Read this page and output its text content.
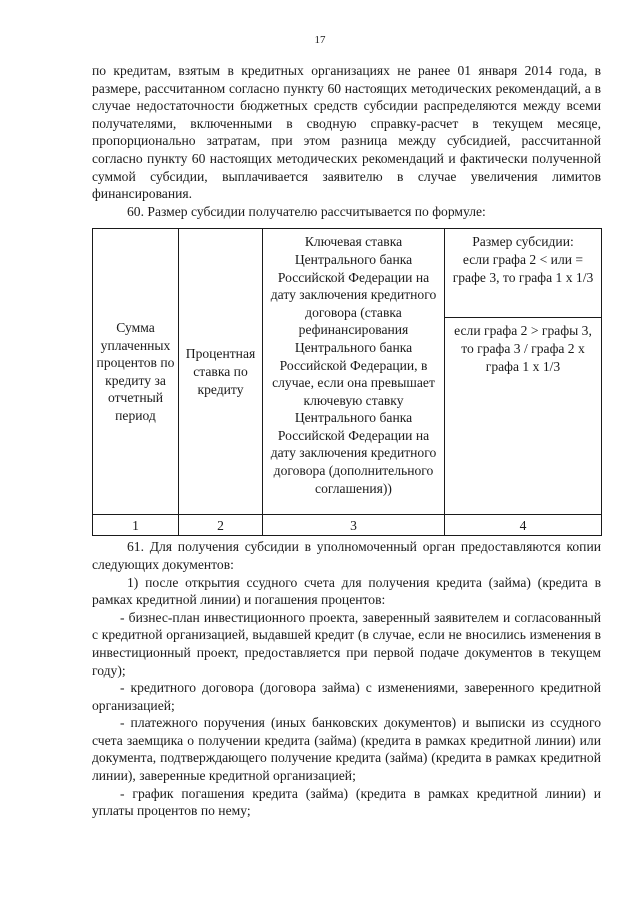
17

по кредитам, взятым в кредитных организациях не ранее 01 января 2014 года, в размере, рассчитанном согласно пункту 60 настоящих методических рекомендаций, а в случае недостаточности бюджетных средств субсидии распределяются между всеми получателями, включенными в сводную справку-расчет в текущем месяце, пропорционально затратам, при этом разница между субсидией, рассчитанной согласно пункту 60 настоящих методических рекомендаций и фактически полученной суммой субсидии, выплачивается заявителю в случае увеличения лимитов финансирования.

60. Размер субсидии получателю рассчитывается по формуле:

Сумма уплаченных процентов по кредиту за отчетный период	Процентная ставка по кредиту	Ключевая ставка Центрального банка Российской Федерации на дату заключения кредитного договора (ставка рефинансирования Центрального банка Российской Федерации, в случае, если она превышает ключевую ставку Центрального банка Российской Федерации на дату заключения кредитного договора (дополнительного соглашения))	Размер субсидии:
если графа 2 < или = графе 3, то графа 1 х 1/3

			если графа 2 > графы 3, то графа 3 / графа 2 х графа 1 х 1/3
1	2	3	4

61. Для получения субсидии в уполномоченный орган предоставляются копии следующих документов:

1) после открытия ссудного счета для получения кредита (займа) (кредита в рамках кредитной линии) и погашения процентов:

- бизнес-план инвестиционного проекта, заверенный заявителем и согласованный с кредитной организацией, выдавшей кредит (в случае, если не вносились изменения в инвестиционный проект, предоставляется при первой подаче документов в текущем году);

- кредитного договора (договора займа) с изменениями, заверенного кредитной организацией;

- платежного поручения (иных банковских документов) и выписки из ссудного счета заемщика о получении кредита (займа) (кредита в рамках кредитной линии) или документа, подтверждающего получение кредита (займа) (кредита в рамках кредитной линии), заверенные кредитной организацией;

- график погашения кредита (займа) (кредита в рамках кредитной линии) и уплаты процентов по нему;
